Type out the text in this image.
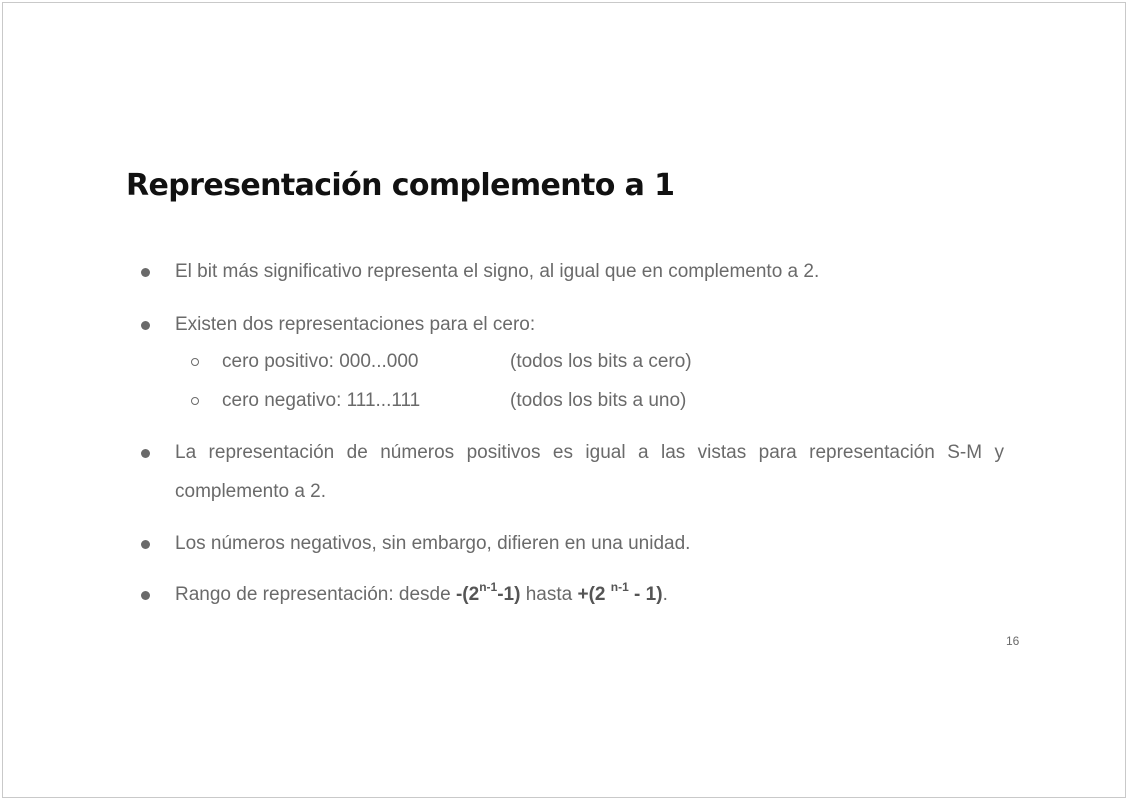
Representación complemento a 1
El bit más significativo representa el signo, al igual que en complemento a 2.
Existen dos representaciones para el cero:
cero positivo: 000...000	(todos los bits a cero)
cero negativo: 111...111	(todos los bits a uno)
La representación de números positivos es igual a las vistas para representación S-M y
complemento a 2.
Los números negativos, sin embargo, difieren en una unidad.
Rango de representación: desde -(2$^{n-1}$-1) hasta +(2 $^{n-1}$ - 1).
16
